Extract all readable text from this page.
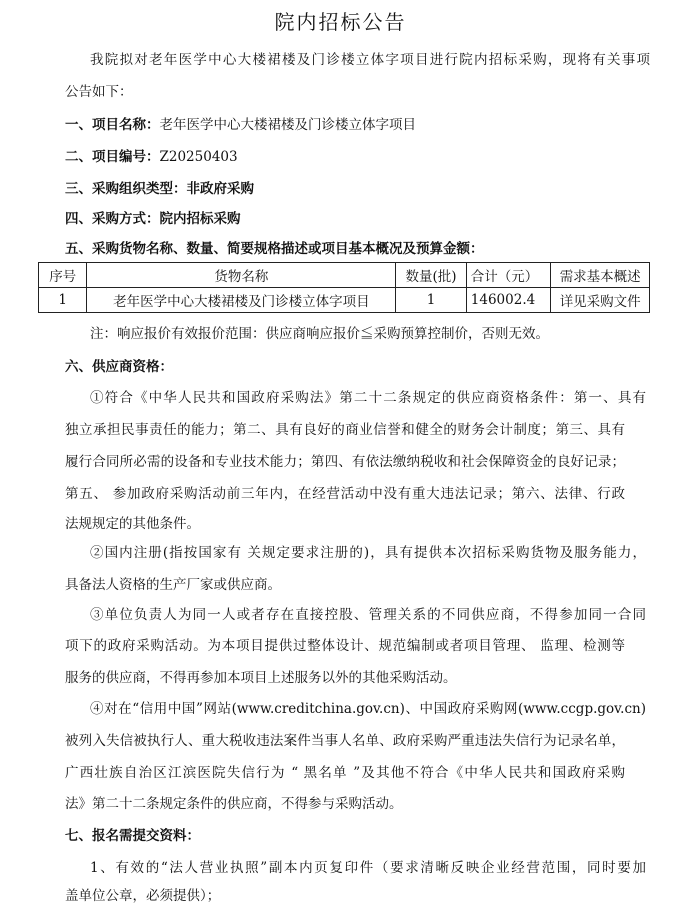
院内招标公告
我院拟对老年医学中心大楼裙楼及门诊楼立体字项目进行院内招标采购，现将有关事项
公告如下：
一、项目名称：老年医学中心大楼裙楼及门诊楼立体字项目
二、项目编号：Z20250403
三、采购组织类型：非政府采购
四、采购方式：院内招标采购
五、采购货物名称、数量、简要规格描述或项目基本概况及预算金额：
序号	货物名称	数量(批)	合计（元）	需求基本概述
1	老年医学中心大楼裙楼及门诊楼立体字项目	1	146002.4	详见采购文件
注：响应报价有效报价范围：供应商响应报价≦采购预算控制价，否则无效。
六、供应商资格：
①符合《中华人民共和国政府采购法》第二十二条规定的供应商资格条件：第一、具有
独立承担民事责任的能力；第二、具有良好的商业信誉和健全的财务会计制度；第三、具有
履行合同所必需的设备和专业技术能力；第四、有依法缴纳税收和社会保障资金的良好记录；
第五、 参加政府采购活动前三年内，在经营活动中没有重大违法记录；第六、法律、行政
法规规定的其他条件。
②国内注册(指按国家有 关规定要求注册的)，具有提供本次招标采购货物及服务能力，
具备法人资格的生产厂家或供应商。
③单位负责人为同一人或者存在直接控股、管理关系的不同供应商，不得参加同一合同
项下的政府采购活动。为本项目提供过整体设计、规范编制或者项目管理、 监理、检测等
服务的供应商，不得再参加本项目上述服务以外的其他采购活动。
④对在“信用中国”网站(www.creditchina.gov.cn)、中国政府采购网(www.ccgp.gov.cn)
被列入失信被执行人、重大税收违法案件当事人名单、政府采购严重违法失信行为记录名单，
广西壮族自治区江滨医院失信行为 “ 黑名单 ”及其他不符合《中华人民共和国政府采购
法》第二十二条规定条件的供应商，不得参与采购活动。
七、报名需提交资料：
1、有效的“法人营业执照”副本内页复印件（要求清晰反映企业经营范围，同时要加
盖单位公章，必须提供）；
